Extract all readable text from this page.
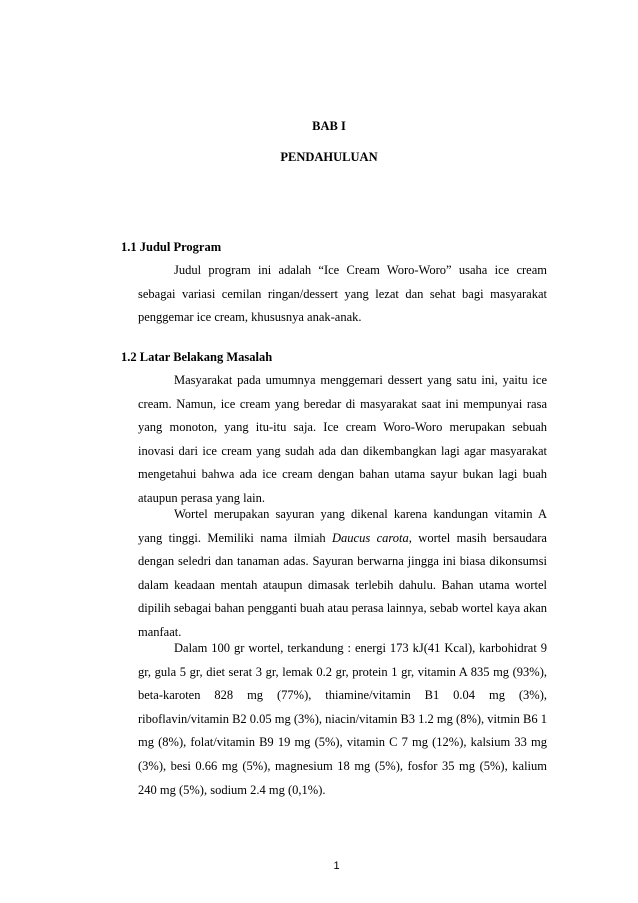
BAB I

PENDAHULUAN

1.1 Judul Program

Judul program ini adalah “Ice Cream Woro-Woro” usaha ice cream sebagai variasi cemilan ringan/dessert yang lezat dan sehat bagi masyarakat penggemar ice cream, khususnya anak-anak.

1.2 Latar Belakang Masalah

Masyarakat pada umumnya menggemari dessert yang satu ini, yaitu ice cream. Namun, ice cream yang beredar di masyarakat saat ini mempunyai rasa yang monoton, yang itu-itu saja. Ice cream Woro-Woro merupakan sebuah inovasi dari ice cream yang sudah ada dan dikembangkan lagi agar masyarakat mengetahui bahwa ada ice cream dengan bahan utama sayur bukan lagi buah ataupun perasa yang lain.

Wortel merupakan sayuran yang dikenal karena kandungan vitamin A yang tinggi. Memiliki nama ilmiah Daucus carota, wortel masih bersaudara dengan seledri dan tanaman adas. Sayuran berwarna jingga ini biasa dikonsumsi dalam keadaan mentah ataupun dimasak terlebih dahulu. Bahan utama wortel dipilih sebagai bahan pengganti buah atau perasa lainnya, sebab wortel kaya akan manfaat.

Dalam 100 gr wortel, terkandung : energi 173 kJ(41 Kcal), karbohidrat 9 gr, gula 5 gr, diet serat 3 gr, lemak 0.2 gr, protein 1 gr, vitamin A 835 mg (93%), beta-karoten 828 mg (77%), thiamine/vitamin B1 0.04 mg (3%), riboflavin/vitamin B2 0.05 mg (3%), niacin/vitamin B3 1.2 mg (8%), vitmin B6 1 mg (8%), folat/vitamin B9 19 mg (5%), vitamin C 7 mg (12%), kalsium 33 mg (3%), besi 0.66 mg (5%), magnesium 18 mg (5%), fosfor 35 mg (5%), kalium 240 mg (5%), sodium 2.4 mg (0,1%).

1
